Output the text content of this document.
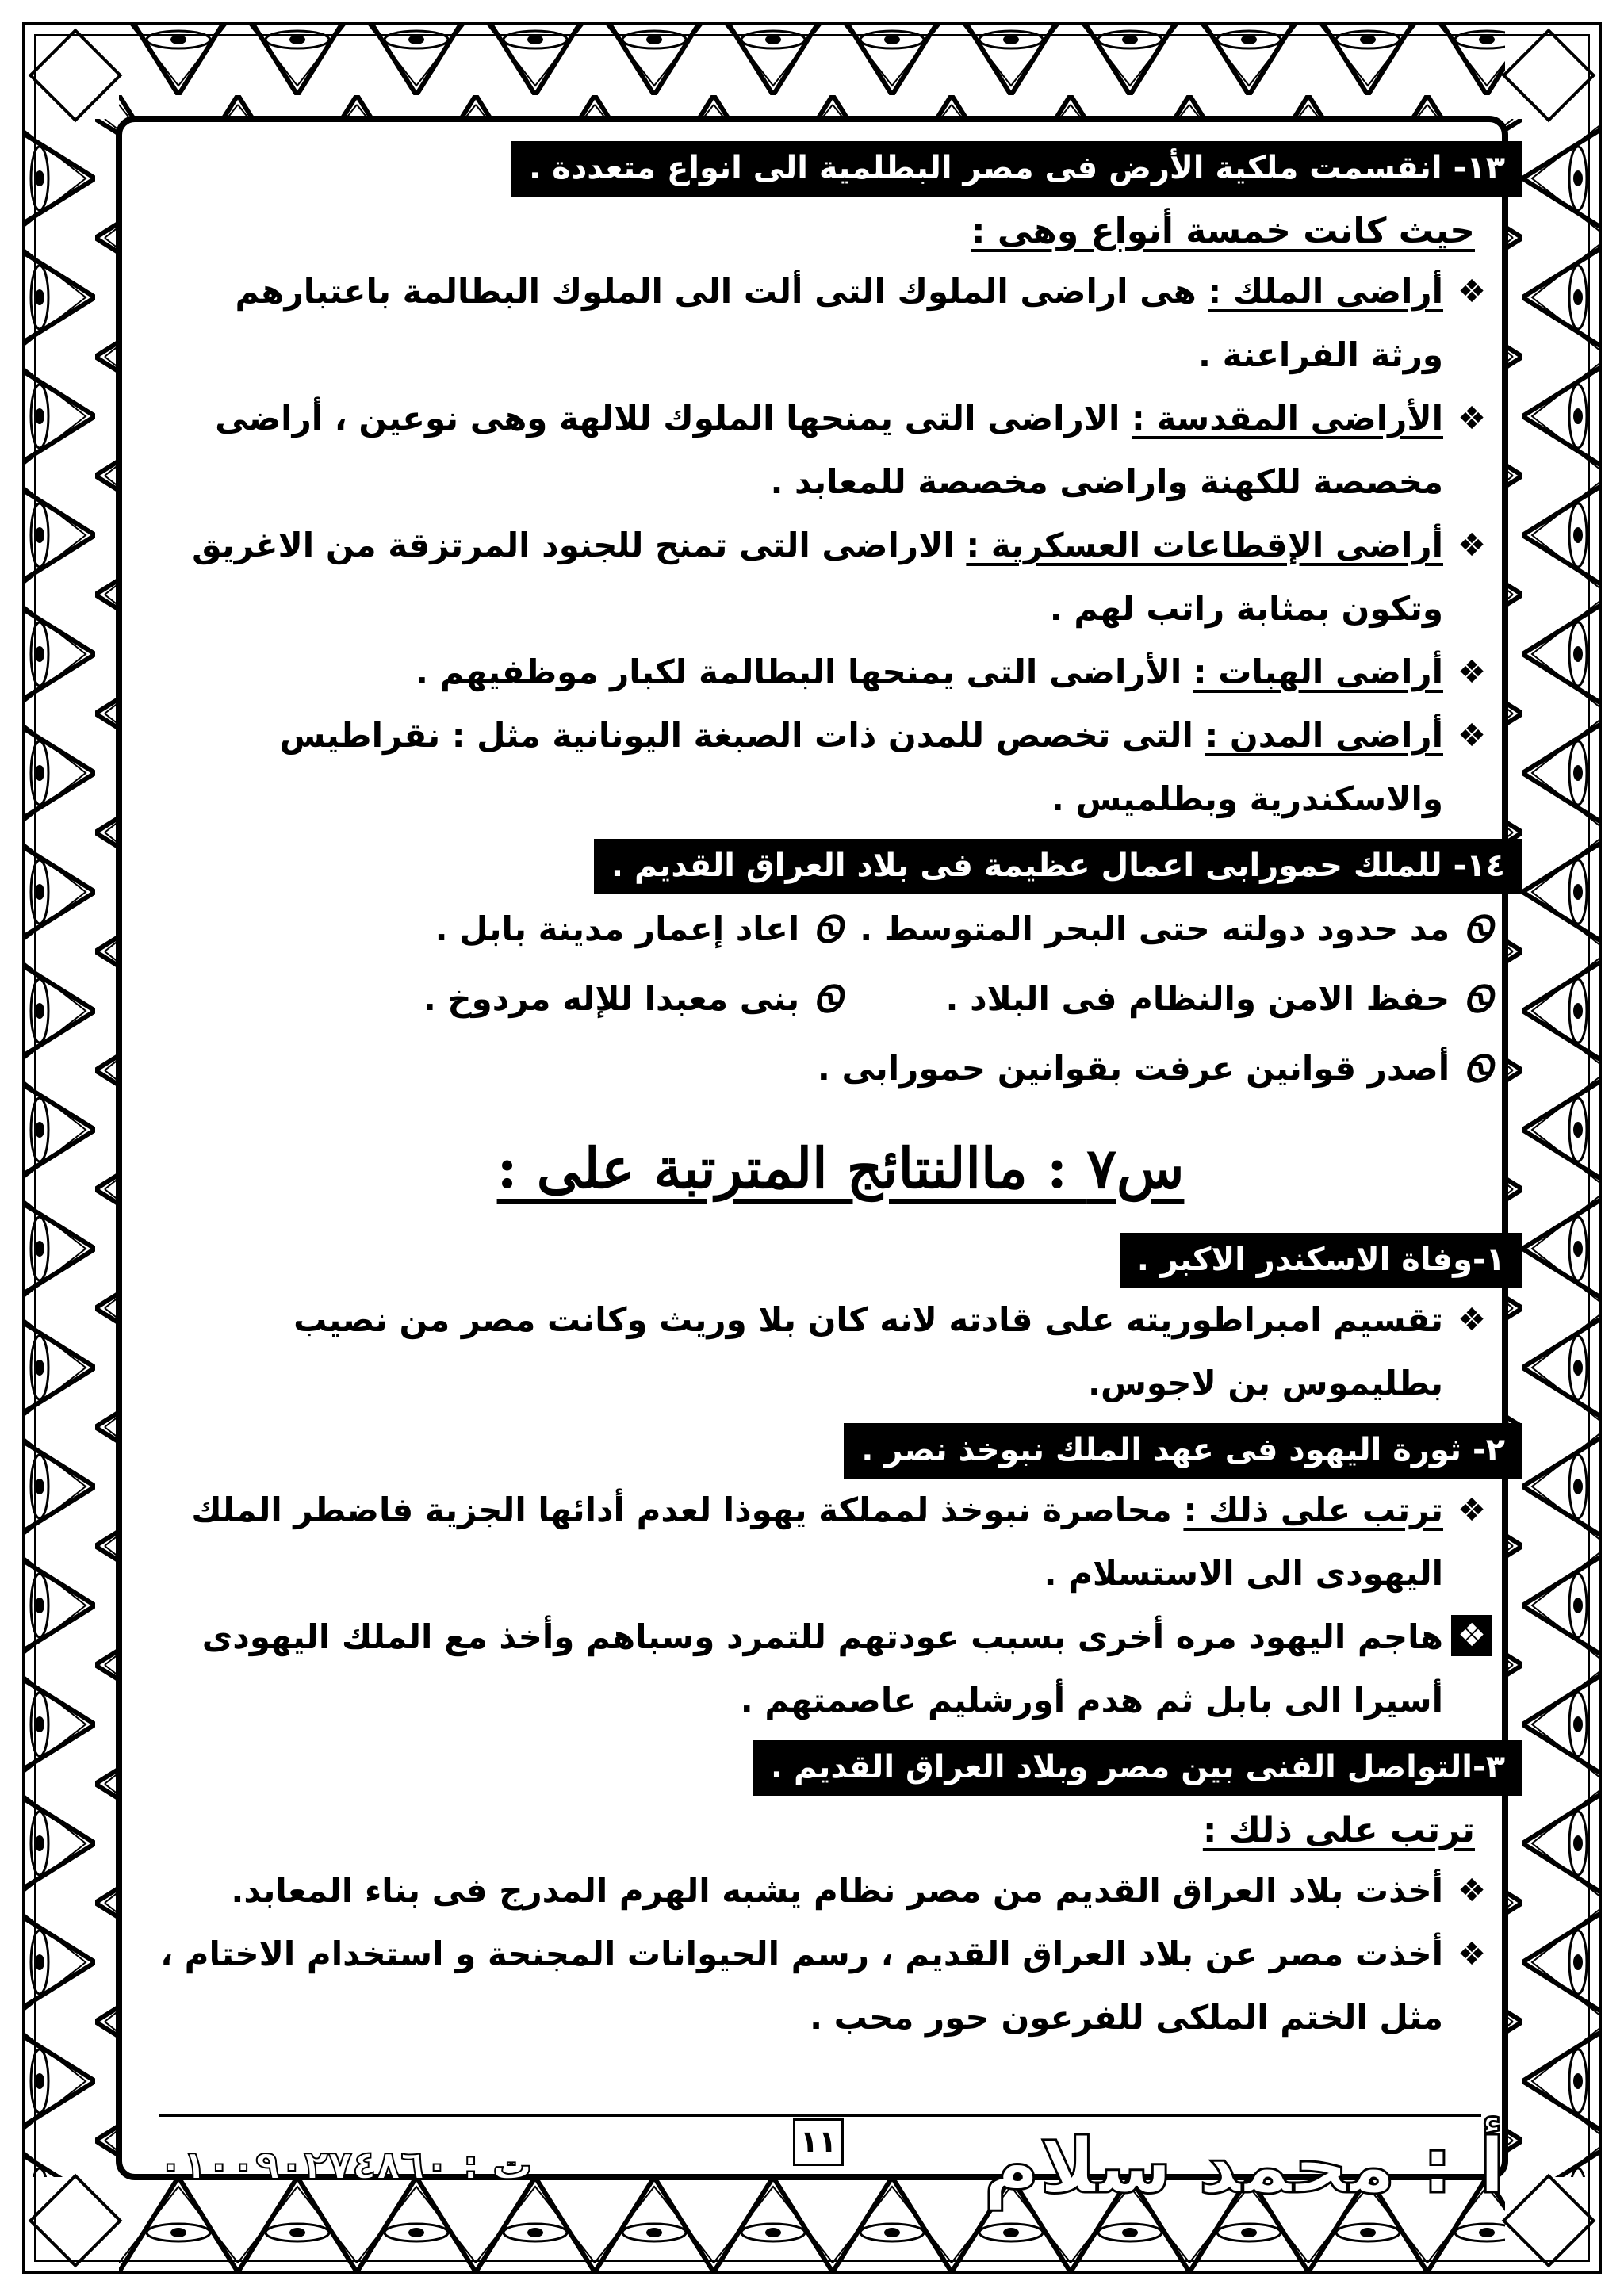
١٣- انقسمت ملكية الأرض فى مصر البطلمية الى انواع متعددة .
حيث كانت خمسة أنواع وهى :
❖
أراضى الملك : هى اراضى الملوك التى ألت الى الملوك البطالمة باعتبارهم ورثة الفراعنة .
❖
الأراضى المقدسة : الاراضى التى يمنحها الملوك للالهة وهى نوعين ، أراضى مخصصة للكهنة واراضى مخصصة للمعابد .
❖
أراضى الإقطاعات العسكرية : الاراضى التى تمنح للجنود المرتزقة من الاغريق وتكون بمثابة راتب لهم .
❖
أراضى الهبات : الأراضى التى يمنحها البطالمة لكبار موظفيهم .
❖
أراضى المدن : التى تخصص للمدن ذات الصبغة اليونانية مثل : نقراطيس والاسكندرية وبطلميس .
١٤- للملك حمورابى اعمال عظيمة فى بلاد العراق القديم .
Ꮻ
مد حدود دولته حتى البحر المتوسط .
Ꮻ
اعاد إعمار مدينة بابل .
Ꮻ
حفظ الامن والنظام فى البلاد .
Ꮻ
بنى معبدا للإله مردوخ .
Ꮻ
أصدر قوانين عرفت بقوانين حمورابى .
س٧ : ماالنتائج المترتبة على :
١-وفاة الاسكندر الاكبر .
❖
تقسيم امبراطوريته على قادته لانه كان بلا وريث وكانت مصر من نصيب بطليموس بن لاجوس.
٢- ثورة اليهود فى عهد الملك نبوخذ نصر .
❖
ترتب على ذلك : محاصرة نبوخذ لمملكة يهوذا لعدم أدائها الجزية فاضطر الملك اليهودى الى الاستسلام .
❖
هاجم اليهود مره أخرى بسبب عودتهم للتمرد وسباهم وأخذ مع الملك اليهودى أسيرا الى بابل ثم هدم أورشليم عاصمتهم .
٣-التواصل الفنى بين مصر وبلاد العراق القديم .
ترتب على ذلك :
❖
أخذت بلاد العراق القديم من مصر نظام يشبه الهرم المدرج فى بناء المعابد.
❖
أخذت مصر عن بلاد العراق القديم ، رسم الحيوانات المجنحة و استخدام الاختام ، مثل الختم الملكى للفرعون حور محب .
أ : محمد سلام
١١
ت : ٠١٠٠٩٠٢٧٤٨٦٠
